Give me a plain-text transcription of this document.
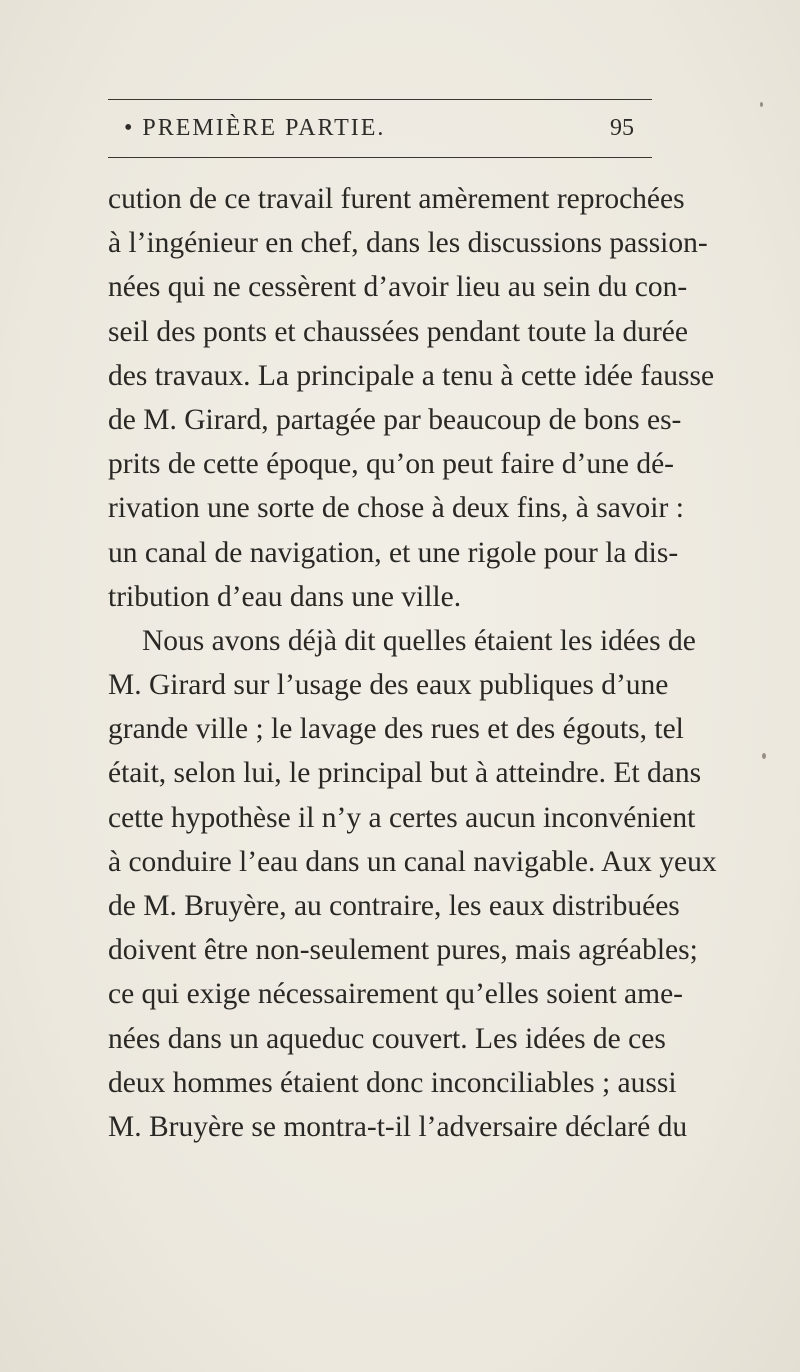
• PREMIÈRE PARTIE.	95
cution de ce travail furent amèrement reprochées
à l’ingénieur en chef, dans les discussions passion-
nées qui ne cessèrent d’avoir lieu au sein du con-
seil des ponts et chaussées pendant toute la durée
des travaux. La principale a tenu à cette idée fausse
de M. Girard, partagée par beaucoup de bons es-
prits de cette époque, qu’on peut faire d’une dé-
rivation une sorte de chose à deux fins, à savoir :
un canal de navigation, et une rigole pour la dis-
tribution d’eau dans une ville.
Nous avons déjà dit quelles étaient les idées de
M. Girard sur l’usage des eaux publiques d’une
grande ville ; le lavage des rues et des égouts, tel
était, selon lui, le principal but à atteindre. Et dans
cette hypothèse il n’y a certes aucun inconvénient
à conduire l’eau dans un canal navigable. Aux yeux
de M. Bruyère, au contraire, les eaux distribuées
doivent être non-seulement pures, mais agréables;
ce qui exige nécessairement qu’elles soient ame-
nées dans un aqueduc couvert. Les idées de ces
deux hommes étaient donc inconciliables ; aussi
M. Bruyère se montra-t-il l’adversaire déclaré du
